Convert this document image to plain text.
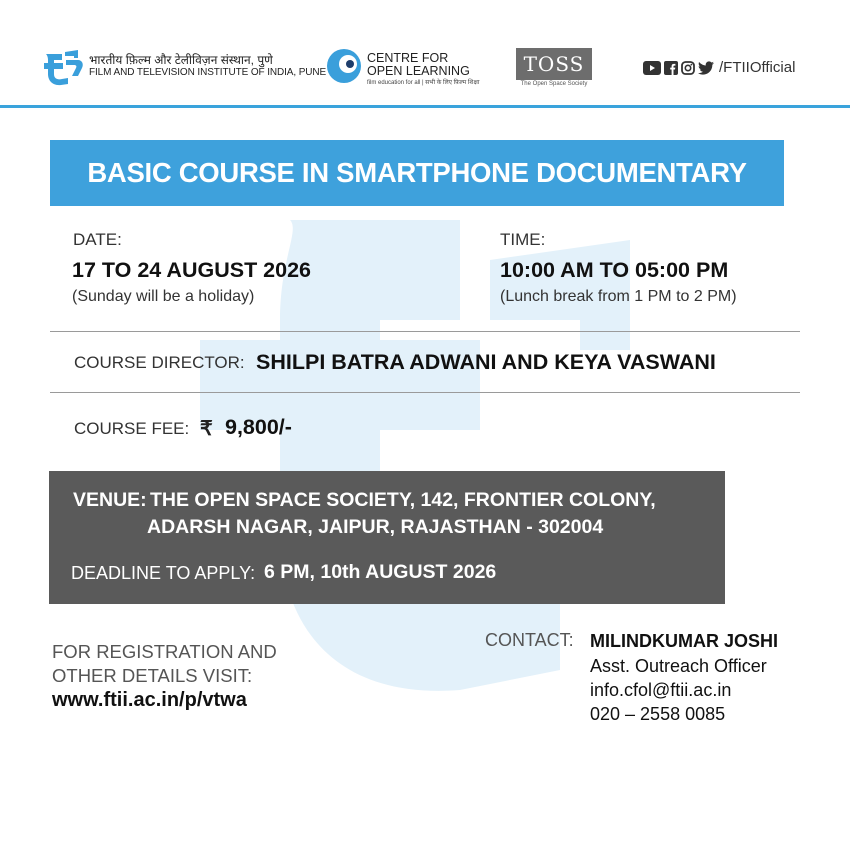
भारतीय फ़िल्म और टेलीविज़न संस्थान, पुणे
FILM AND TELEVISION INSTITUTE OF INDIA, PUNE
CENTRE FOR
OPEN LEARNING
film education for all | सभी के लिए फ़िल्म शिक्षा
TOSS
The Open Space Society
/FTIIOfficial
BASIC COURSE IN SMARTPHONE DOCUMENTARY
DATE:
17 TO 24 AUGUST 2026
(Sunday will be a holiday)
TIME:
10:00 AM TO 05:00 PM
(Lunch break from 1 PM to 2 PM)
COURSE DIRECTOR: SHILPI BATRA ADWANI AND KEYA VASWANI
COURSE FEE: ₹ 9,800/-
VENUE: THE OPEN SPACE SOCIETY, 142, FRONTIER COLONY,
ADARSH NAGAR, JAIPUR, RAJASTHAN - 302004
DEADLINE TO APPLY: 6 PM, 10th AUGUST 2026
FOR REGISTRATION AND
OTHER DETAILS VISIT:
www.ftii.ac.in/p/vtwa
CONTACT: MILINDKUMAR JOSHI
Asst. Outreach Officer
info.cfol@ftii.ac.in
020 – 2558 0085
